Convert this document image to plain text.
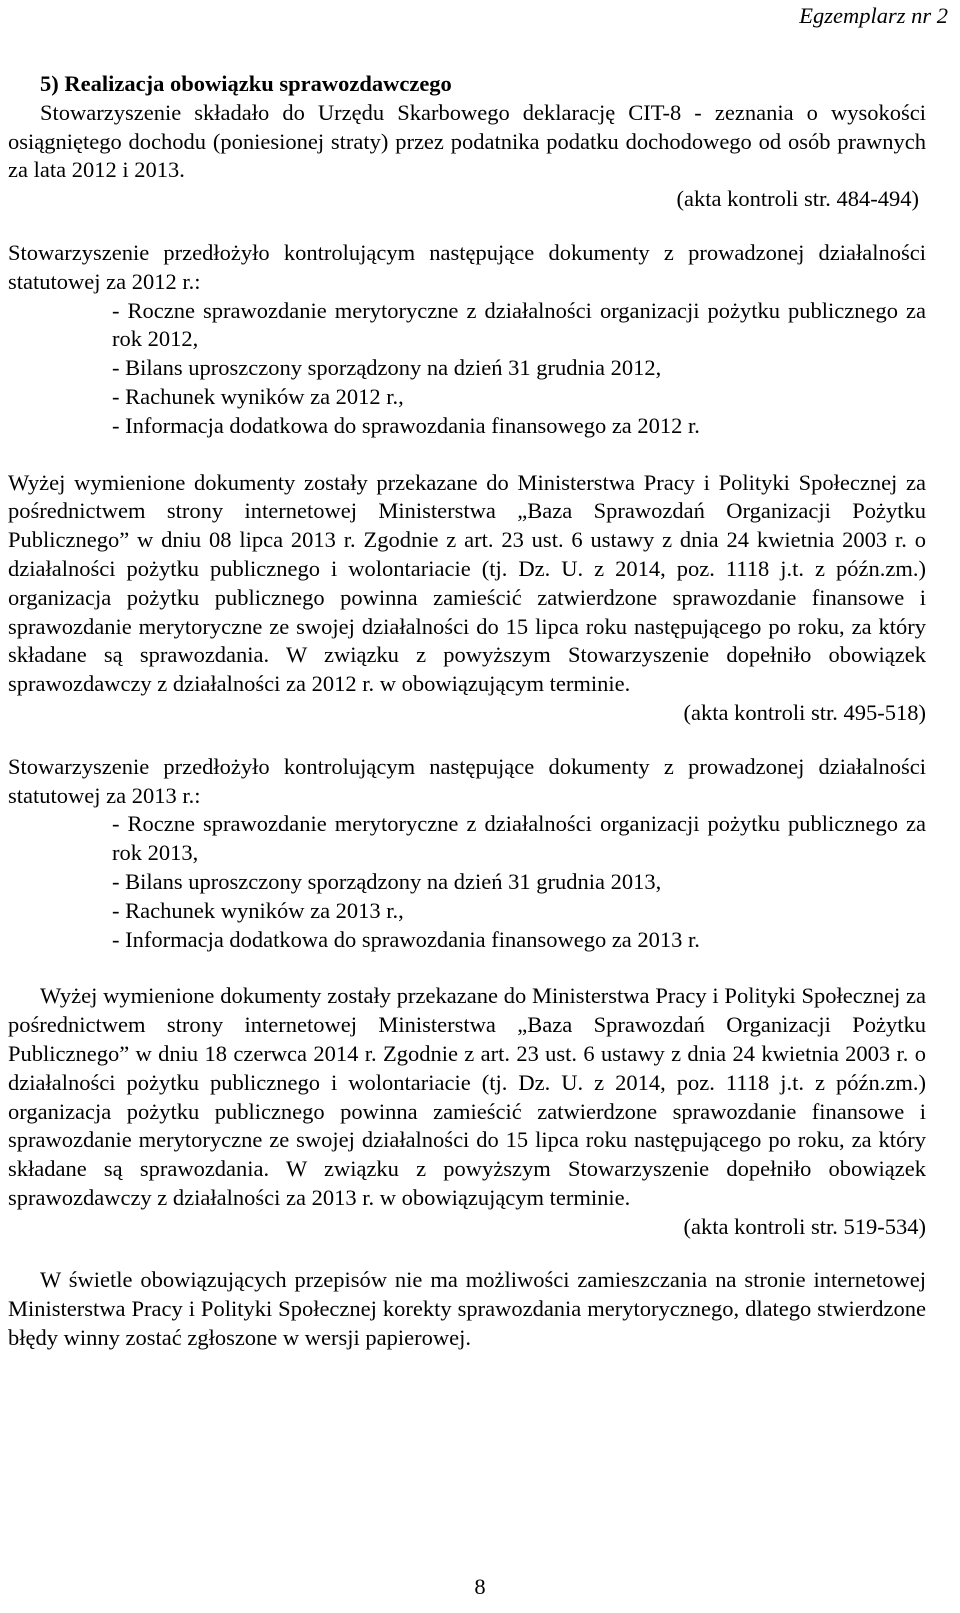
Egzemplarz nr 2

5) Realizacja obowiązku sprawozdawczego

Stowarzyszenie składało do Urzędu Skarbowego deklarację CIT-8 - zeznania o wysokości osiągniętego dochodu (poniesionej straty) przez podatnika podatku dochodowego od osób prawnych za lata 2012 i 2013.

(akta kontroli str. 484-494)

Stowarzyszenie przedłożyło kontrolującym następujące dokumenty z prowadzonej działalności statutowej za 2012 r.:

- Roczne sprawozdanie merytoryczne z działalności organizacji pożytku publicznego za rok 2012,

- Bilans uproszczony sporządzony na dzień 31 grudnia 2012,

- Rachunek wyników za 2012 r.,

- Informacja dodatkowa do sprawozdania finansowego za 2012 r.

Wyżej wymienione dokumenty zostały przekazane do Ministerstwa Pracy i Polityki Społecznej za pośrednictwem strony internetowej Ministerstwa „Baza Sprawozdań Organizacji Pożytku Publicznego” w dniu 08 lipca 2013 r. Zgodnie z art. 23 ust. 6 ustawy z dnia 24 kwietnia 2003 r. o działalności pożytku publicznego i wolontariacie (tj. Dz. U. z 2014, poz. 1118 j.t. z późn.zm.) organizacja pożytku publicznego powinna zamieścić zatwierdzone sprawozdanie finansowe i sprawozdanie merytoryczne ze swojej działalności do 15 lipca roku następującego po roku, za który składane są sprawozdania. W związku z powyższym Stowarzyszenie dopełniło obowiązek sprawozdawczy z działalności za 2012 r. w obowiązującym terminie.

(akta kontroli str. 495-518)

Stowarzyszenie przedłożyło kontrolującym następujące dokumenty z prowadzonej działalności statutowej za 2013 r.:

- Roczne sprawozdanie merytoryczne z działalności organizacji pożytku publicznego za rok 2013,

- Bilans uproszczony sporządzony na dzień 31 grudnia 2013,

- Rachunek wyników za 2013 r.,

- Informacja dodatkowa do sprawozdania finansowego za 2013 r.

Wyżej wymienione dokumenty zostały przekazane do Ministerstwa Pracy i Polityki Społecznej za pośrednictwem strony internetowej Ministerstwa „Baza Sprawozdań Organizacji Pożytku Publicznego” w dniu 18 czerwca 2014 r. Zgodnie z art. 23 ust. 6 ustawy z dnia 24 kwietnia 2003 r. o działalności pożytku publicznego i wolontariacie (tj. Dz. U. z 2014, poz. 1118 j.t. z późn.zm.) organizacja pożytku publicznego powinna zamieścić zatwierdzone sprawozdanie finansowe i sprawozdanie merytoryczne ze swojej działalności do 15 lipca roku następującego po roku, za który składane są sprawozdania. W związku z powyższym Stowarzyszenie dopełniło obowiązek sprawozdawczy z działalności za 2013 r. w obowiązującym terminie.

(akta kontroli str. 519-534)

W świetle obowiązujących przepisów nie ma możliwości zamieszczania na stronie internetowej Ministerstwa Pracy i Polityki Społecznej korekty sprawozdania merytorycznego, dlatego stwierdzone błędy winny zostać zgłoszone w wersji papierowej.

8
